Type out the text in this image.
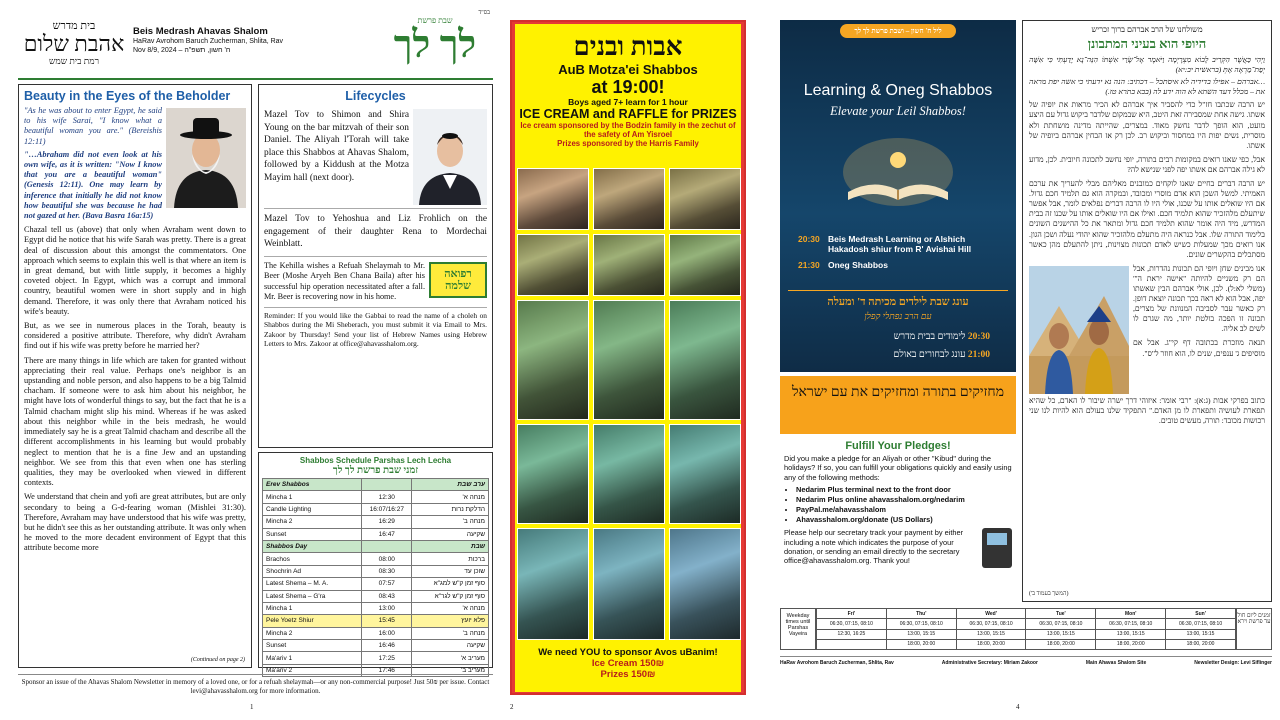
בית מדרש
אהבת שלום
רמת בית שמש
Beis Medrash Ahavas Shalom
HaRav Avrohom Baruch Zucherman, Shlita, Rav
Nov 8/9, 2024 – ח' חשון, תשפ"ה
בס"ד
שבת פרשת
לך לך
Beauty in the Eyes of the Beholder
"As he was about to enter Egypt, he said to his wife Sarai, "I know what a beautiful woman you are." (Bereishis 12:11)
"…Abraham did not even look at his own wife, as it is written: "Now I know that you are a beautiful woman" (Genesis 12:11). One may learn by inference that initially he did not know how beautiful she was because he had not gazed at her. (Bava Basra 16a:15)

Chazal tell us (above) that only when Avraham went down to Egypt did he notice that his wife Sarah was pretty. There is a great deal of discussion about this amongst the commentators. One approach which seems to explain this well is that where an item is in great demand, but with little supply, it becomes a highly coveted object. In Egypt, which was a corrupt and immoral country, beautiful women were in short supply and in high demand. Therefore, it was only there that Avraham noticed his wife's beauty.

But, as we see in numerous places in the Torah, beauty is considered a positive attribute. Therefore, why didn't Avraham find out if his wife was pretty before he married her?

There are many things in life which are taken for granted without appreciating their real value. Perhaps one's neighbor is an upstanding and noble person, and also happens to be a big Talmid chacham. If someone were to ask him about his neighbor, he might have lots of wonderful things to say, but the fact that he is a Talmid chacham might slip his mind. Whereas if he was asked about this neighbor while in the beis medrash, he would immediately say he is a great Talmid chacham and describe all the different accomplishments in his learning but would probably neglect to mention that he is a fine Jew and an upstanding neighbor. We see from this that even when one has sterling qualities, they may be overlooked when viewed in different contexts.

We understand that chein and yofi are great attributes, but are only secondary to being a G-d-fearing woman (Mishlei 31:30). Therefore, Avraham may have understood that his wife was pretty, but he didn't see this as her outstanding attribute. It was only when he moved to the more decadent environment of Egypt that this attribute become more

(Continued on page 2)
Lifecycles
Mazel Tov to Shimon and Shira Young on the bar mitzvah of their son Daniel. The Aliyah l'Torah will take place this Shabbos at Ahavas Shalom, followed by a Kiddush at the Motza Mayim hall (next door).
Mazel Tov to Yehoshua and Liz Frohlich on the engagement of their daughter Rena to Mordechai Weinblatt.
רפואה שלמה
The Kehilla wishes a Refuah Shelaymah to Mr. Beer (Moshe Aryeh Ben Chana Baila) after his successful hip operation necessitated after a fall. Mr. Beer is recovering now in his home.
Reminder: If you would like the Gabbai to read the name of a choleh on Shabbos during the Mi Sheberach, you must submit it via Email to Mrs. Zakoor by Thursday! Send your list of Hebrew Names using Hebrew Letters to Mrs. Zakoor at office@ahavasshalom.org.
Shabbos Schedule Parshas Lech Lecha
זמני שבת פרשת לך לך
Erev Shabbos		ערב שבת
Mincha 1	12:30	מנחה א'
Candle Lighting	16:07/16:27	הדלקת נרות
Mincha 2	16:29	מנחה ב'
Sunset	16:47	שקיעה
Shabbos Day		שבת
Brachos	08:00	ברכות
Shochrin Ad	08:30	שוכן עד
Latest Shema – M. A.	07:57	סוף זמן ק"ש למג"א
Latest Shema – G'ra	08:43	סוף זמן ק"ש לגר"א
Mincha 1	13:00	מנחה א'
Pele Yoetz Shiur	15:45	פלא יועץ
Mincha 2	16:00	מנחה ב'
Sunset	16:46	שקיעה
Ma'ariv 1	17:25	מעריב א'
Ma'ariv 2	17:46	מעריב ב'
Sponsor an issue of the Ahavas Shalom Newsletter in memory of a loved one, or for a refuah shelaymah—or any non-commercial purpose! Just 50₪ per issue. Contact levi@ahavasshalom.org for more information.
1
אבות ובנים
AuB Motza'ei Shabbos
at 19:00!
Boys aged 7+ learn for 1 hour
ICE CREAM and RAFFLE for PRIZES
Ice cream sponsored by the Bodzin family in the zechut of the safety of Am Yisroel
Prizes sponsored by the Harris Family
We need YOU to sponsor Avos uBanim!
Ice Cream 150₪
Prizes 150₪
2
משולחנו של הרב אברהם ברוך זכריש
היופי הוא בעיני המתבונן
וַיְהִי כַּאֲשֶׁר הִקְרִיב לָבוֹא מִצְרָיְמָה וַיֹּאמֶר אֶל־שָׂרַי אִשְׁתּוֹ הִנֵּה־נָא יָדַעְתִּי כִּי אִשָּׁה יְפַת־מַרְאֶה אָתְּ (בראשית יב:יא)
…אברהם – אפילו בדידיה לא איסתכל – דכתיב: הנה נא ידעתי כי אשה יפת מראה את – מכלל דעד השתא לא הוה ידע לה (בבא בתרא טז.)

יש הרבה שכתבו חז"ל כדי להסביר איך אברהם לא הכיר מראות את יופיה של אשתו. גישה אחת שמסבירה זאת היטב, היא שבמקום שלדבר ביקוש גדול עם היצע מועט, הוא הופך לדבר נחשק מאוד. במצרים, שהייתה מדינה מושחתת ולא מוסרית, נשים יפות היו במחסור וביקוש רב. לכן רק אז הבחין אברהם ביופיה של אשתו.

אבל, כפי שאנו רואים במקומות רבים בתורה, יופי נחשב לתכונה חיובית. לכן, מדוע לא גילה אברהם אם אשתו יפה לפני שנישא לה?

יש הרבה דברים בחיים שאנו לוקחים כמובנים מאליהם מבלי להעריך את ערכם האמיתי. למשל השכן הוא אדם מוסרי ומכובד, ובמקרה הוא גם תלמיד חכם גדול. אם היו שואלים אותו על שכנו, אולי היו לו הרבה דברים נפלאים לומר, אבל אפשר שיתעלם מלהזכיר שהוא תלמיד חכם. ואילו אם היו שואלים אותו על שכנו זה בבית המדרש, מיד היה אומר שהוא תלמיד חכם גדול ומתאר את כל ההישגים השונים בלימוד התורה שלו. אבל כנראה היה מתעלם מלהזכיר שהוא יהודי נעלה ושכן הגון. אנו רואים מכך שמעלות כשיש לאדם תכונות מצוינות, ניתן להתעלם מהן כאשר מסתכלים בהקשרים שונים.

אנו מבינים שחן ויופי הם תכונות נהדרות, אבל הם רק משניים להיותה "אישה יראת ה'" (משלי לא:ל). לכן, אולי אברהם הבין שאשתו יפה, אבל הוא לא ראה בכך תכונה יוצאת דופן. רק כאשר עבר לסביבה המנוונת של מצרים, תכונה זו הפכה בולטת יותר, מה שגרם לו לשים לב אליה.

תנאה מוזכרת בכתובה דף קי"ג. אבל אם מוסיפים ג' ענפים, שנים לו, הוא חוזר ל"ס".

כתוב בפרקי אבות (ג:א): "רבי אומר: איזוהי דרך ישרה שיבור לו האדם, כל שהיא תפארת לעושיה ותפארת לו מן האדם." התפקיד שלנו בעולם הוא להיות לנו שני רכושות מכובד: תורה, מעשים טובים.

(המשך בעמוד ב')
ליל ח' חשון – ושבת פרשת לך לך
Learning & Oneg Shabbos
Elevate your Leil Shabbos!
20:30 Beis Medrash Learning or Alshich Hakadosh shiur from R' Avishai Hill
21:30 Oneg Shabbos
עונג שבת לילדים מכיתה ד' ומעלה
עם הרב נפתלי קפלן
20:30 לימודים בבית מדרש
21:00 עונג לבחורים באולם
מחזיקים בתורה ומחזיקים את עם ישראל
Fulfill Your Pledges!
Did you make a pledge for an Aliyah or other "Kibud" during the holidays? If so, you can fulfill your obligations quickly and easily using any of the following methods:
• Nedarim Plus terminal next to the front door
• Nedarim Plus online ahavasshalom.org/nedarim
• PayPal.me/ahavasshalom
• Ahavasshalom.org/donate (US Dollars)
Please help our secretary track your payment by either including a note which indicates the purpose of your donation, or sending an email directly to the secretary office@ahavasshalom.org. Thank you!
Weekday times until Parshas Vayeira
Fri'	Thu'	Wed'	Tue'	Mon'	Sun'
06:30, 07:15, 08:10	06:30, 07:15, 08:10	06:30, 07:15, 08:10	06:30, 07:15, 08:10	06:30, 07:15, 08:10	06:30, 07:15, 08:10
12:30, 16:25	13:00, 15:15	13:00, 15:15	13:00, 15:15	13:00, 15:15	13:00, 15:15
	18:00, 20:00	18:00, 20:00	18:00, 20:00	18:00, 20:00	18:00, 20:00
זמנים ליום חול עד פרשת וירא
HaRav Avrohom Baruch Zucherman, Shlita, Rav	Administrative Secretary: Miriam Zakoor	Main Ahavas Shalom Site	Newsletter Design: Levi Siflinger
4
